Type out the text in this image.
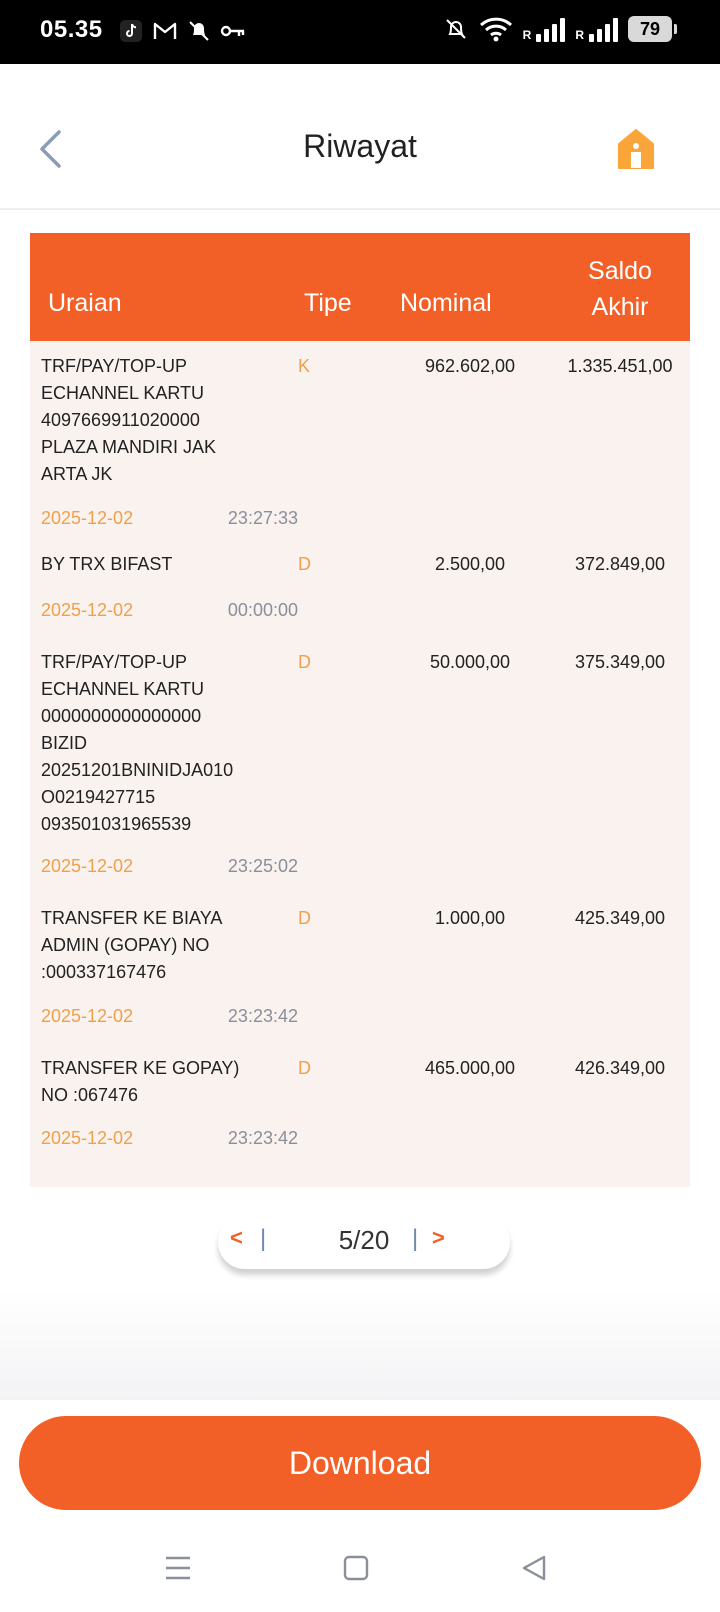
05.35	R	R	79
Riwayat
Uraian	Tipe Nominal
Saldo
Akhir
TRF/PAY/TOP-UP
ECHANNEL KARTU
4097669911020000
PLAZA MANDIRI JAK
ARTA JK
K	962.602,00	1.335.451,00
2025-12-02	23:27:33
BY TRX BIFAST	D	2.500,00	372.849,00
2025-12-02	00:00:00
TRF/PAY/TOP-UP
ECHANNEL KARTU
0000000000000000
BIZID
20251201BNINIDJA010
O0219427715
093501031965539
D	50.000,00	375.349,00
2025-12-02	23:25:02
TRANSFER KE BIAYA
ADMIN (GOPAY) NO
:000337167476
D	1.000,00	425.349,00
2025-12-02	23:23:42
TRANSFER KE GOPAY)
NO :067476
D	465.000,00	426.349,00
2025-12-02	23:23:42
< |	5/20 | >
Download
